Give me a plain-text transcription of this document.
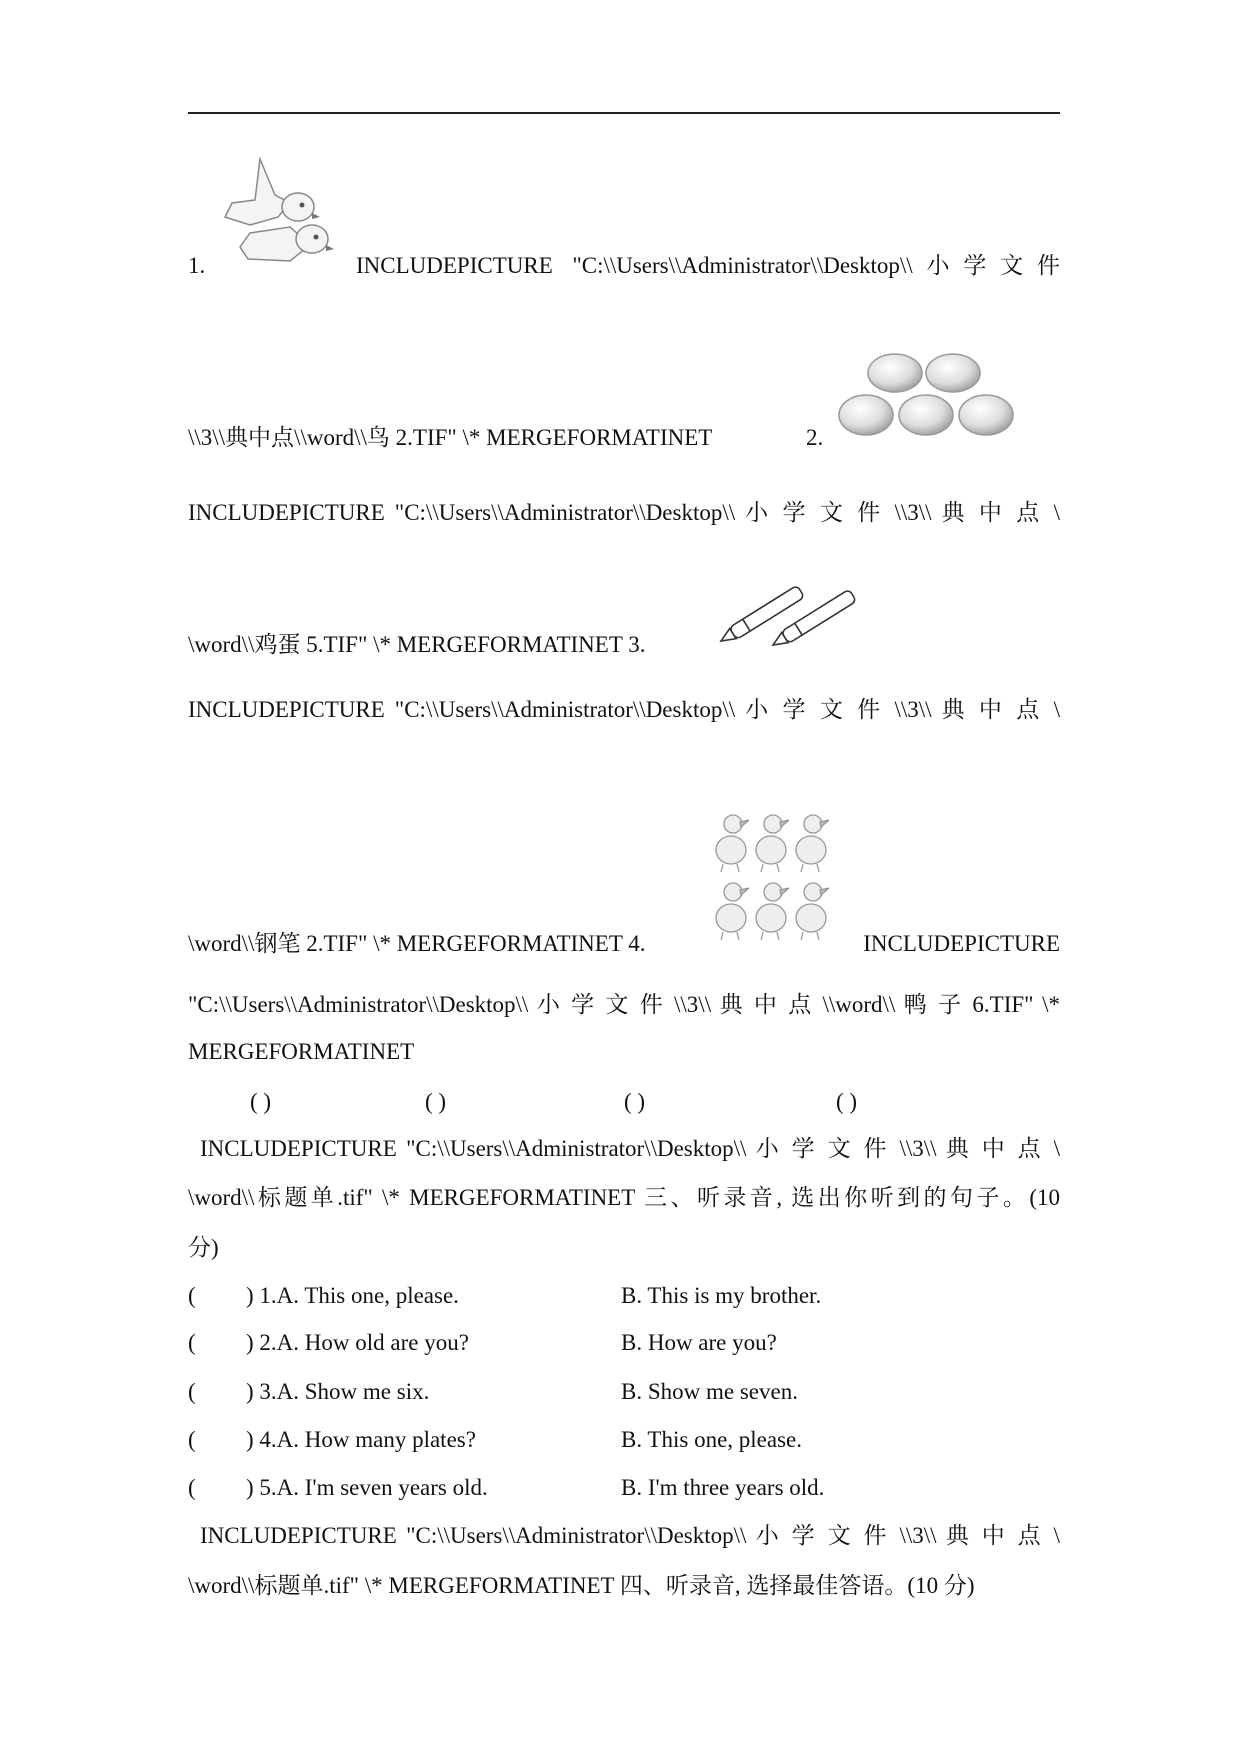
1.	INCLUDEPICTURE "C:\\Users\\Administrator\\Desktop\\小学文件
\\3\\典中点\\word\\鸟 2.TIF" \* MERGEFORMATINET	2.
INCLUDEPICTURE "C:\\Users\\Administrator\\Desktop\\ 小 学 文 件 \\3\\ 典 中 点 \
\word\\鸡蛋 5.TIF" \* MERGEFORMATINET 3.
INCLUDEPICTURE "C:\\Users\\Administrator\\Desktop\\ 小 学 文 件 \\3\\ 典 中 点 \
\word\\钢笔 2.TIF" \* MERGEFORMATINET 4.	INCLUDEPICTURE
"C:\\Users\\Administrator\\Desktop\\ 小 学 文 件 \\3\\ 典 中 点 \\word\\ 鸭 子 6.TIF" \*
MERGEFORMATINET
( )	( )	( )	( )
INCLUDEPICTURE "C:\\Users\\Administrator\\Desktop\\ 小 学 文 件 \\3\\ 典 中 点 \
\word\\标题单.tif" \* MERGEFORMATINET 三、听录音, 选出你听到的句子。(10
分)
( ) 1.A. This one, please.	B. This is my brother.
( ) 2.A. How old are you?	B. How are you?
( ) 3.A. Show me six.	B. Show me seven.
( ) 4.A. How many plates?	B. This one, please.
( ) 5.A. I'm seven years old.	B. I'm three years old.
INCLUDEPICTURE "C:\\Users\\Administrator\\Desktop\\ 小 学 文 件 \\3\\ 典 中 点 \
\word\\标题单.tif" \* MERGEFORMATINET 四、听录音, 选择最佳答语。(10 分)
